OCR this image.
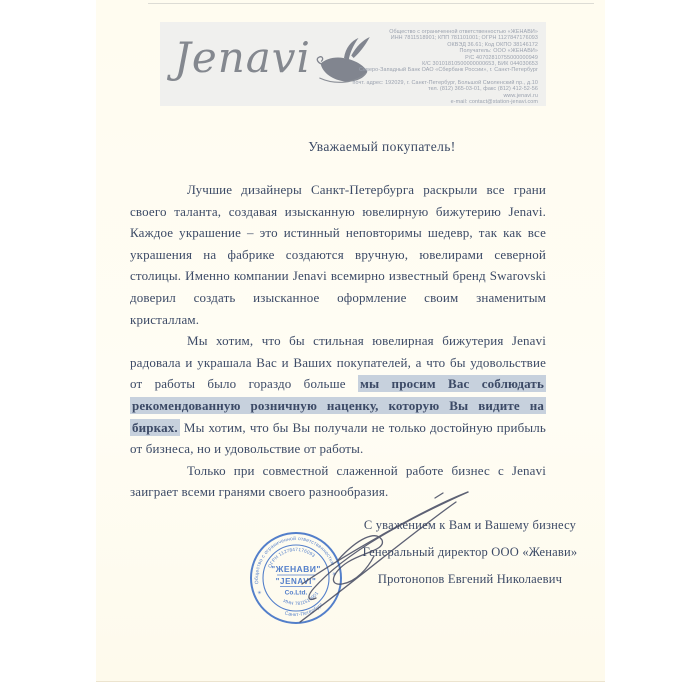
Jenavi
Общество с ограниченной ответственностью «ЖЕНАВИ»
ИНН 7811518901; КПП 781101001; ОГРН 1127847176093
ОКВЭД 36.61; Код ОКПО 38146172
Получатель: ООО «ЖЕНАВИ»
Р/С 40702810755000000949
К/С 30101810500000000653, БИК 044030653
Северо-Западный Банк ОАО «Сбербанк России», г. Санкт-Петербург
почт. адрес: 192029, г. Санкт-Петербург, Большой Смоленский пр., д.10
тел. (812) 365-03-01, факс (812) 412-52-56
www.jenavi.ru
e-mail: contact@station-jenavi.com
Уважаемый покупатель!

Лучшие дизайнеры Санкт-Петербурга раскрыли все грани своего таланта, создавая изысканную ювелирную бижутерию Jenavi. Каждое украшение – это истинный неповторимы шедевр, так как все украшения на фабрике создаются вручную, ювелирами северной столицы. Именно компании Jenavi всемирно известный бренд Swarovski доверил создать изысканное оформление своим знаменитым кристаллам.

Мы хотим, что бы стильная ювелирная бижутерия Jenavi радовала и украшала Вас и Ваших покупателей, а что бы удовольствие от работы было гораздо больше мы просим Вас соблюдать рекомендованную розничную наценку, которую Вы видите на бирках. Мы хотим, что бы Вы получали не только достойную прибыль от бизнеса, но и удовольствие от работы.

Только при совместной слаженной работе бизнес с Jenavi заиграет всеми гранями своего разнообразия.

С уважением к Вам и Вашему бизнесу
Генеральный директор ООО «Женави»
Протонопов Евгений Николаевич
Общество с ограниченной ответственностью
Санкт-Петербург
ОГРН 1127847176093
ИНН 7811518901
✳
✳
"ЖЕНАВИ"
"JENAVI"
Co.Ltd.
